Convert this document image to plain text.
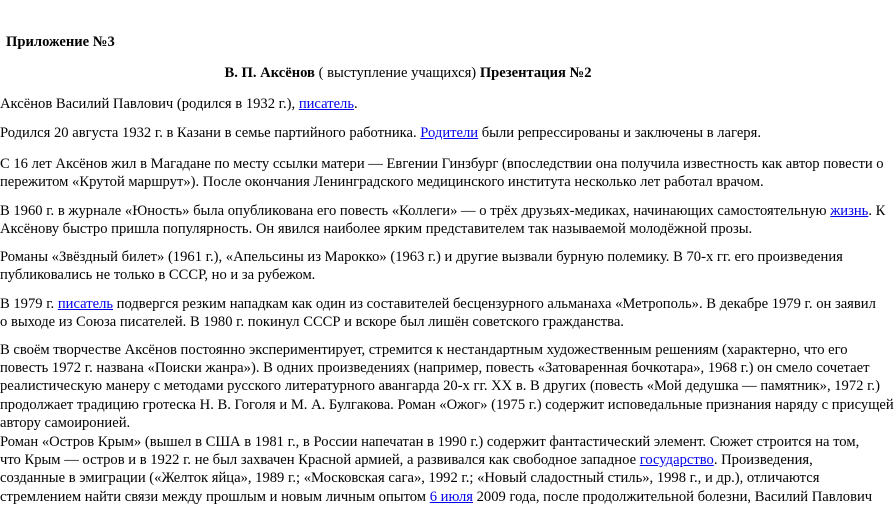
Приложение №3
В. П. Аксёнов ( выступление учащихся) Презентация №2
Аксёнов Василий Павлович (родился в 1932 г.), писатель.
Родился 20 августа 1932 г. в Казани в семье партийного работника. Родители были репрессированы и заключены в лагеря.
С 16 лет Аксёнов жил в Магадане по месту ссылки матери — Евгении Гинзбург (впоследствии она получила известность как автор повести о
пережитом «Крутой маршрут»). После окончания Ленинградского медицинского института несколько лет работал врачом.
В 1960 г. в журнале «Юность» была опубликована его повесть «Коллеги» — о трёх друзьях-медиках, начинающих самостоятельную жизнь. К
Аксёнову быстро пришла популярность. Он явился наиболее ярким представителем так называемой молодёжной прозы.
Романы «Звёздный билет» (1961 г.), «Апельсины из Марокко» (1963 г.) и другие вызвали бурную полемику. В 70-х гг. его произведения
публиковались не только в СССР, но и за рубежом.
В 1979 г. писатель подвергся резким нападкам как один из составителей бесцензурного альманаха «Метрополь». В декабре 1979 г. он заявил
о выходе из Союза писателей. В 1980 г. покинул СССР и вскоре был лишён советского гражданства.
В своём творчестве Аксёнов постоянно экспериментирует, стремится к нестандартным художественным решениям (характерно, что его
повесть 1972 г. названа «Поиски жанра»). В одних произведениях (например, повесть «Затоваренная бочкотара», 1968 г.) он смело сочетает
реалистическую манеру с методами русского литературного авангарда 20-х гг. XX в. В других (повесть «Мой дедушка — памятник», 1972 г.)
продолжает традицию гротеска Н. В. Гоголя и М. А. Булгакова. Роман «Ожог» (1975 г.) содержит исповедальные признания наряду с присущей
автору самоиронией.
Роман «Остров Крым» (вышел в США в 1981 г., в России напечатан в 1990 г.) содержит фантастический элемент. Сюжет строится на том,
что Крым — остров и в 1922 г. не был захвачен Красной армией, а развивался как свободное западное государство. Произведения,
созданные в эмиграции («Желток яйца», 1989 г.; «Московская сага», 1992 г.; «Новый сладостный стиль», 1998 г., и др.), отличаются
стремлением найти связи между прошлым и новым личным опытом 6 июля 2009 года, после продолжительной болезни, Василий Павлович
